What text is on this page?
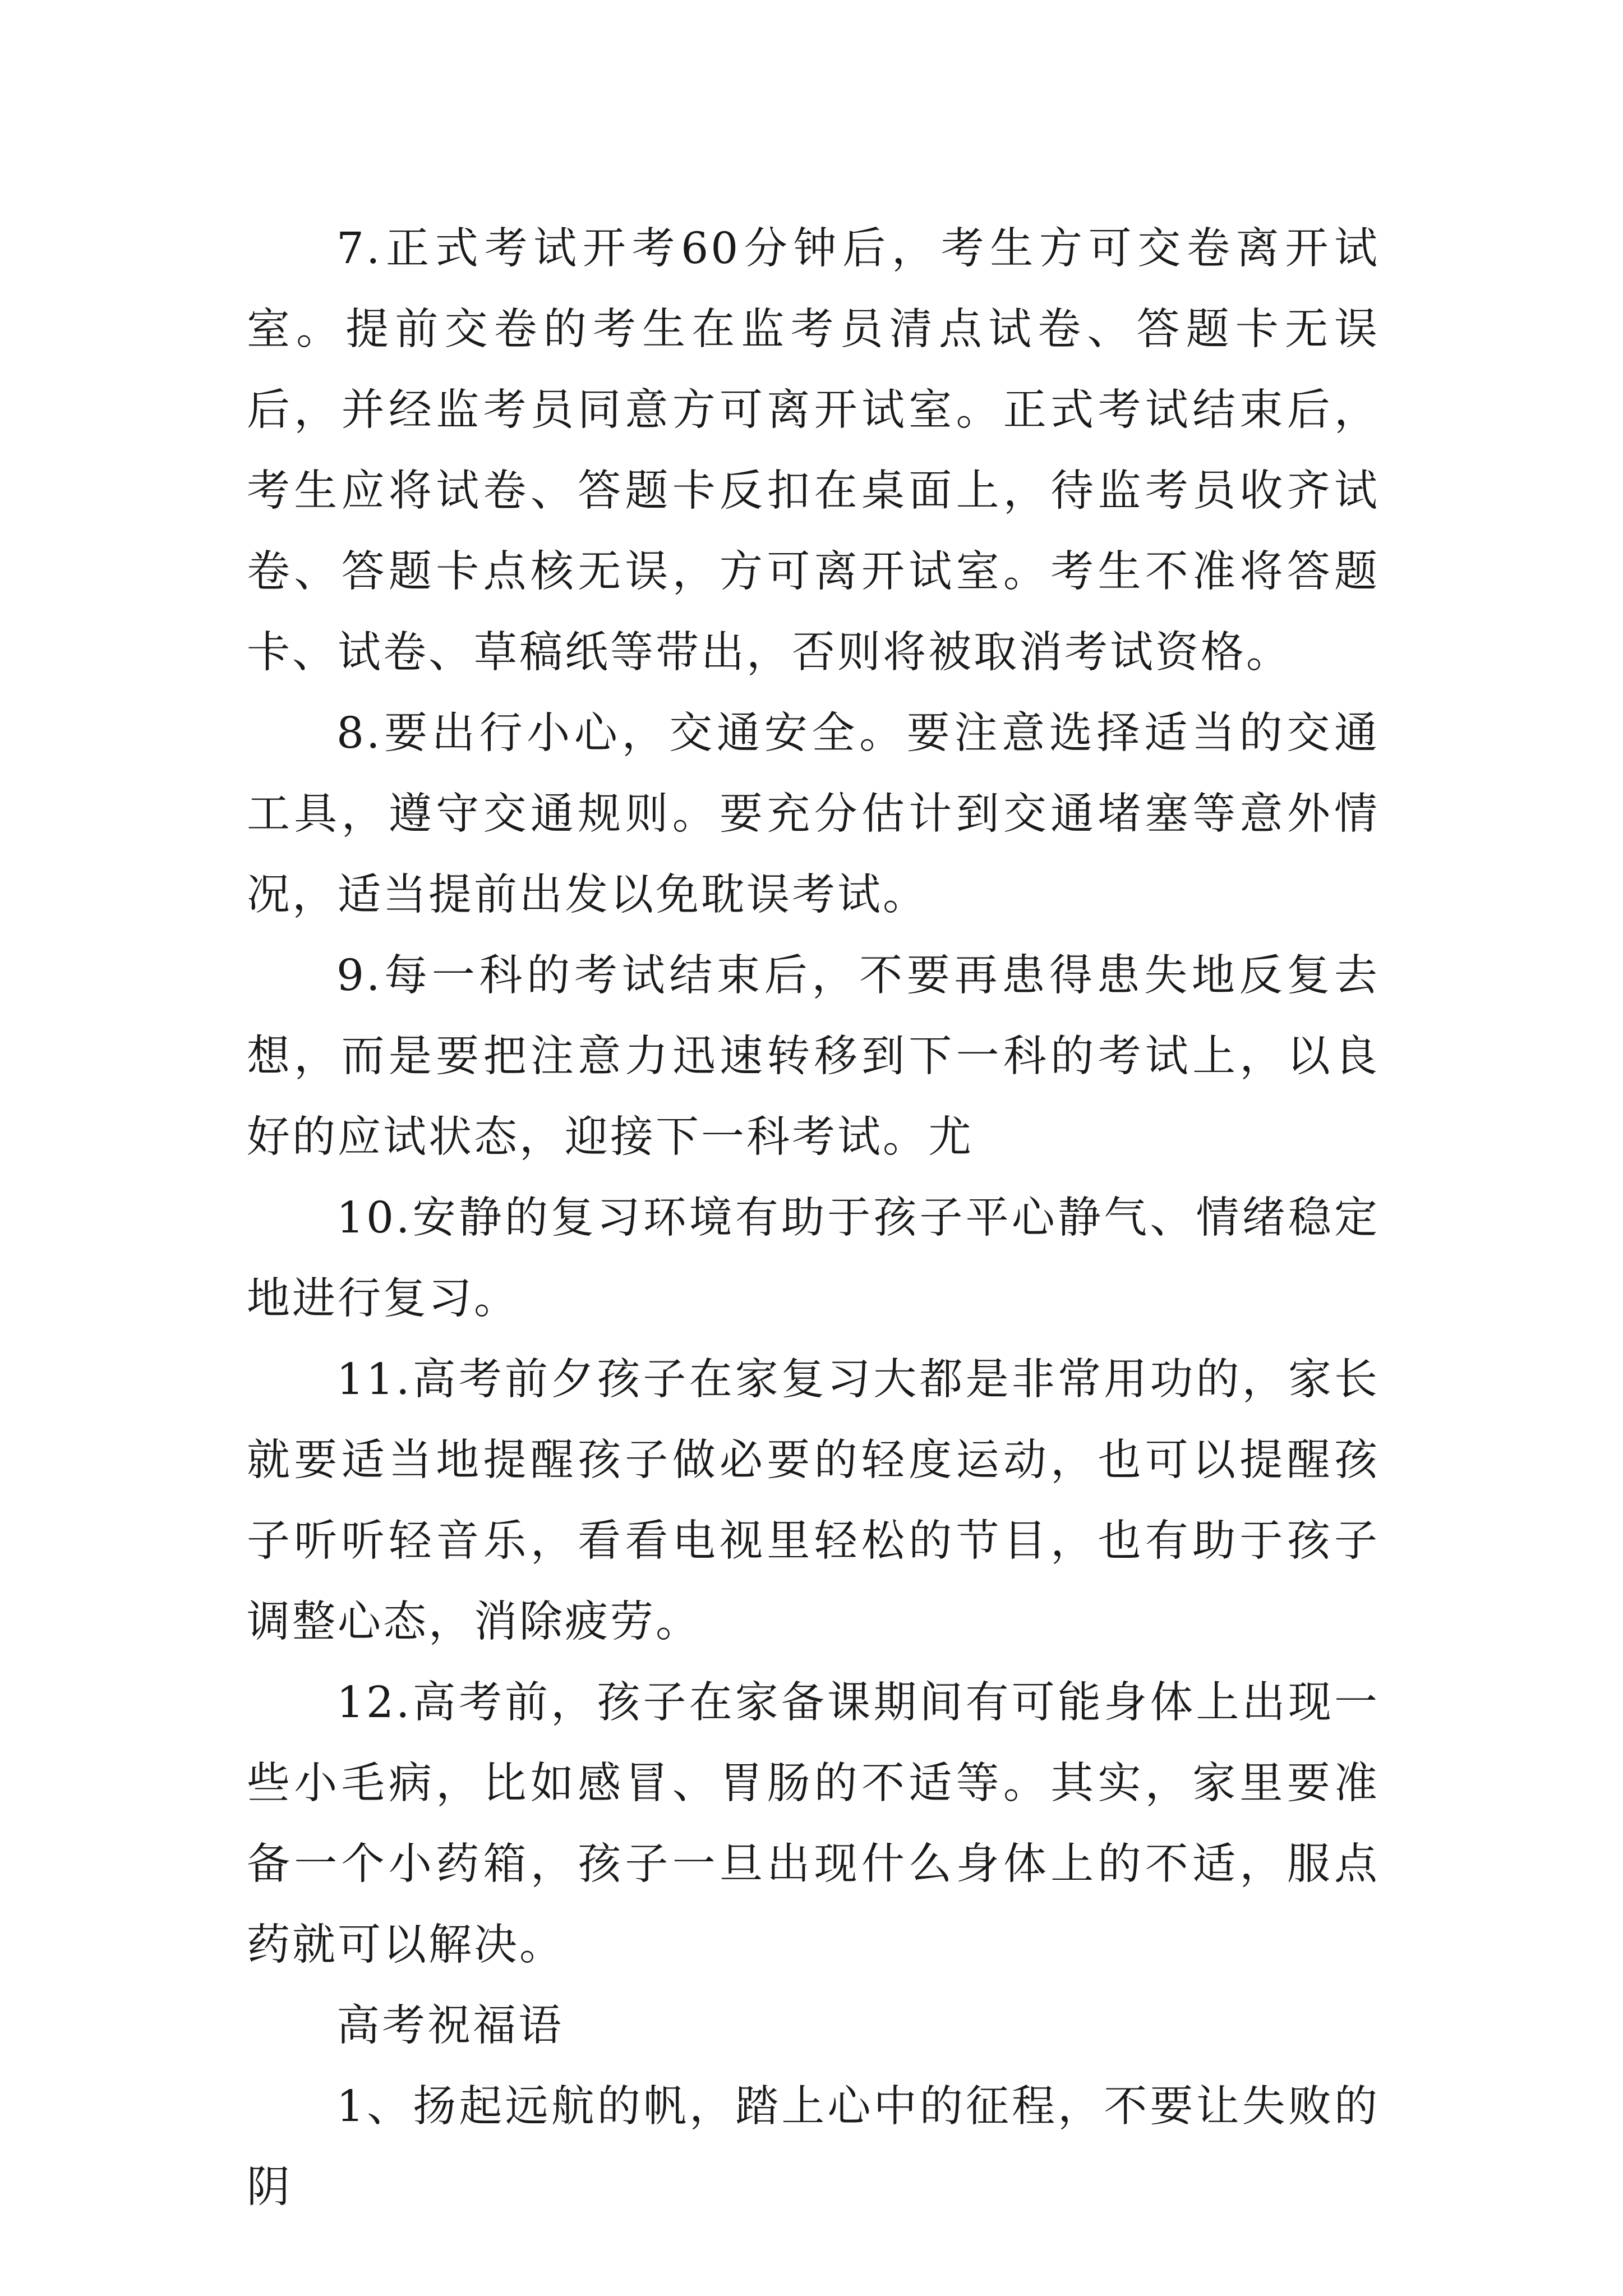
7.正式考试开考60分钟后，考生方可交卷离开试室。提前交卷的考生在监考员清点试卷、答题卡无误后，并经监考员同意方可离开试室。正式考试结束后，考生应将试卷、答题卡反扣在桌面上，待监考员收齐试卷、答题卡点核无误，方可离开试室。考生不准将答题卡、试卷、草稿纸等带出，否则将被取消考试资格。

8.要出行小心，交通安全。要注意选择适当的交通工具，遵守交通规则。要充分估计到交通堵塞等意外情况，适当提前出发以免耽误考试。

9.每一科的考试结束后，不要再患得患失地反复去想，而是要把注意力迅速转移到下一科的考试上，以良好的应试状态，迎接下一科考试。尤

10.安静的复习环境有助于孩子平心静气、情绪稳定地进行复习。

11.高考前夕孩子在家复习大都是非常用功的，家长就要适当地提醒孩子做必要的轻度运动，也可以提醒孩子听听轻音乐，看看电视里轻松的节目，也有助于孩子调整心态，消除疲劳。

12.高考前，孩子在家备课期间有可能身体上出现一些小毛病，比如感冒、胃肠的不适等。其实，家里要准备一个小药箱，孩子一旦出现什么身体上的不适，服点药就可以解决。

高考祝福语

1、扬起远航的帆，踏上心中的征程，不要让失败的阴
